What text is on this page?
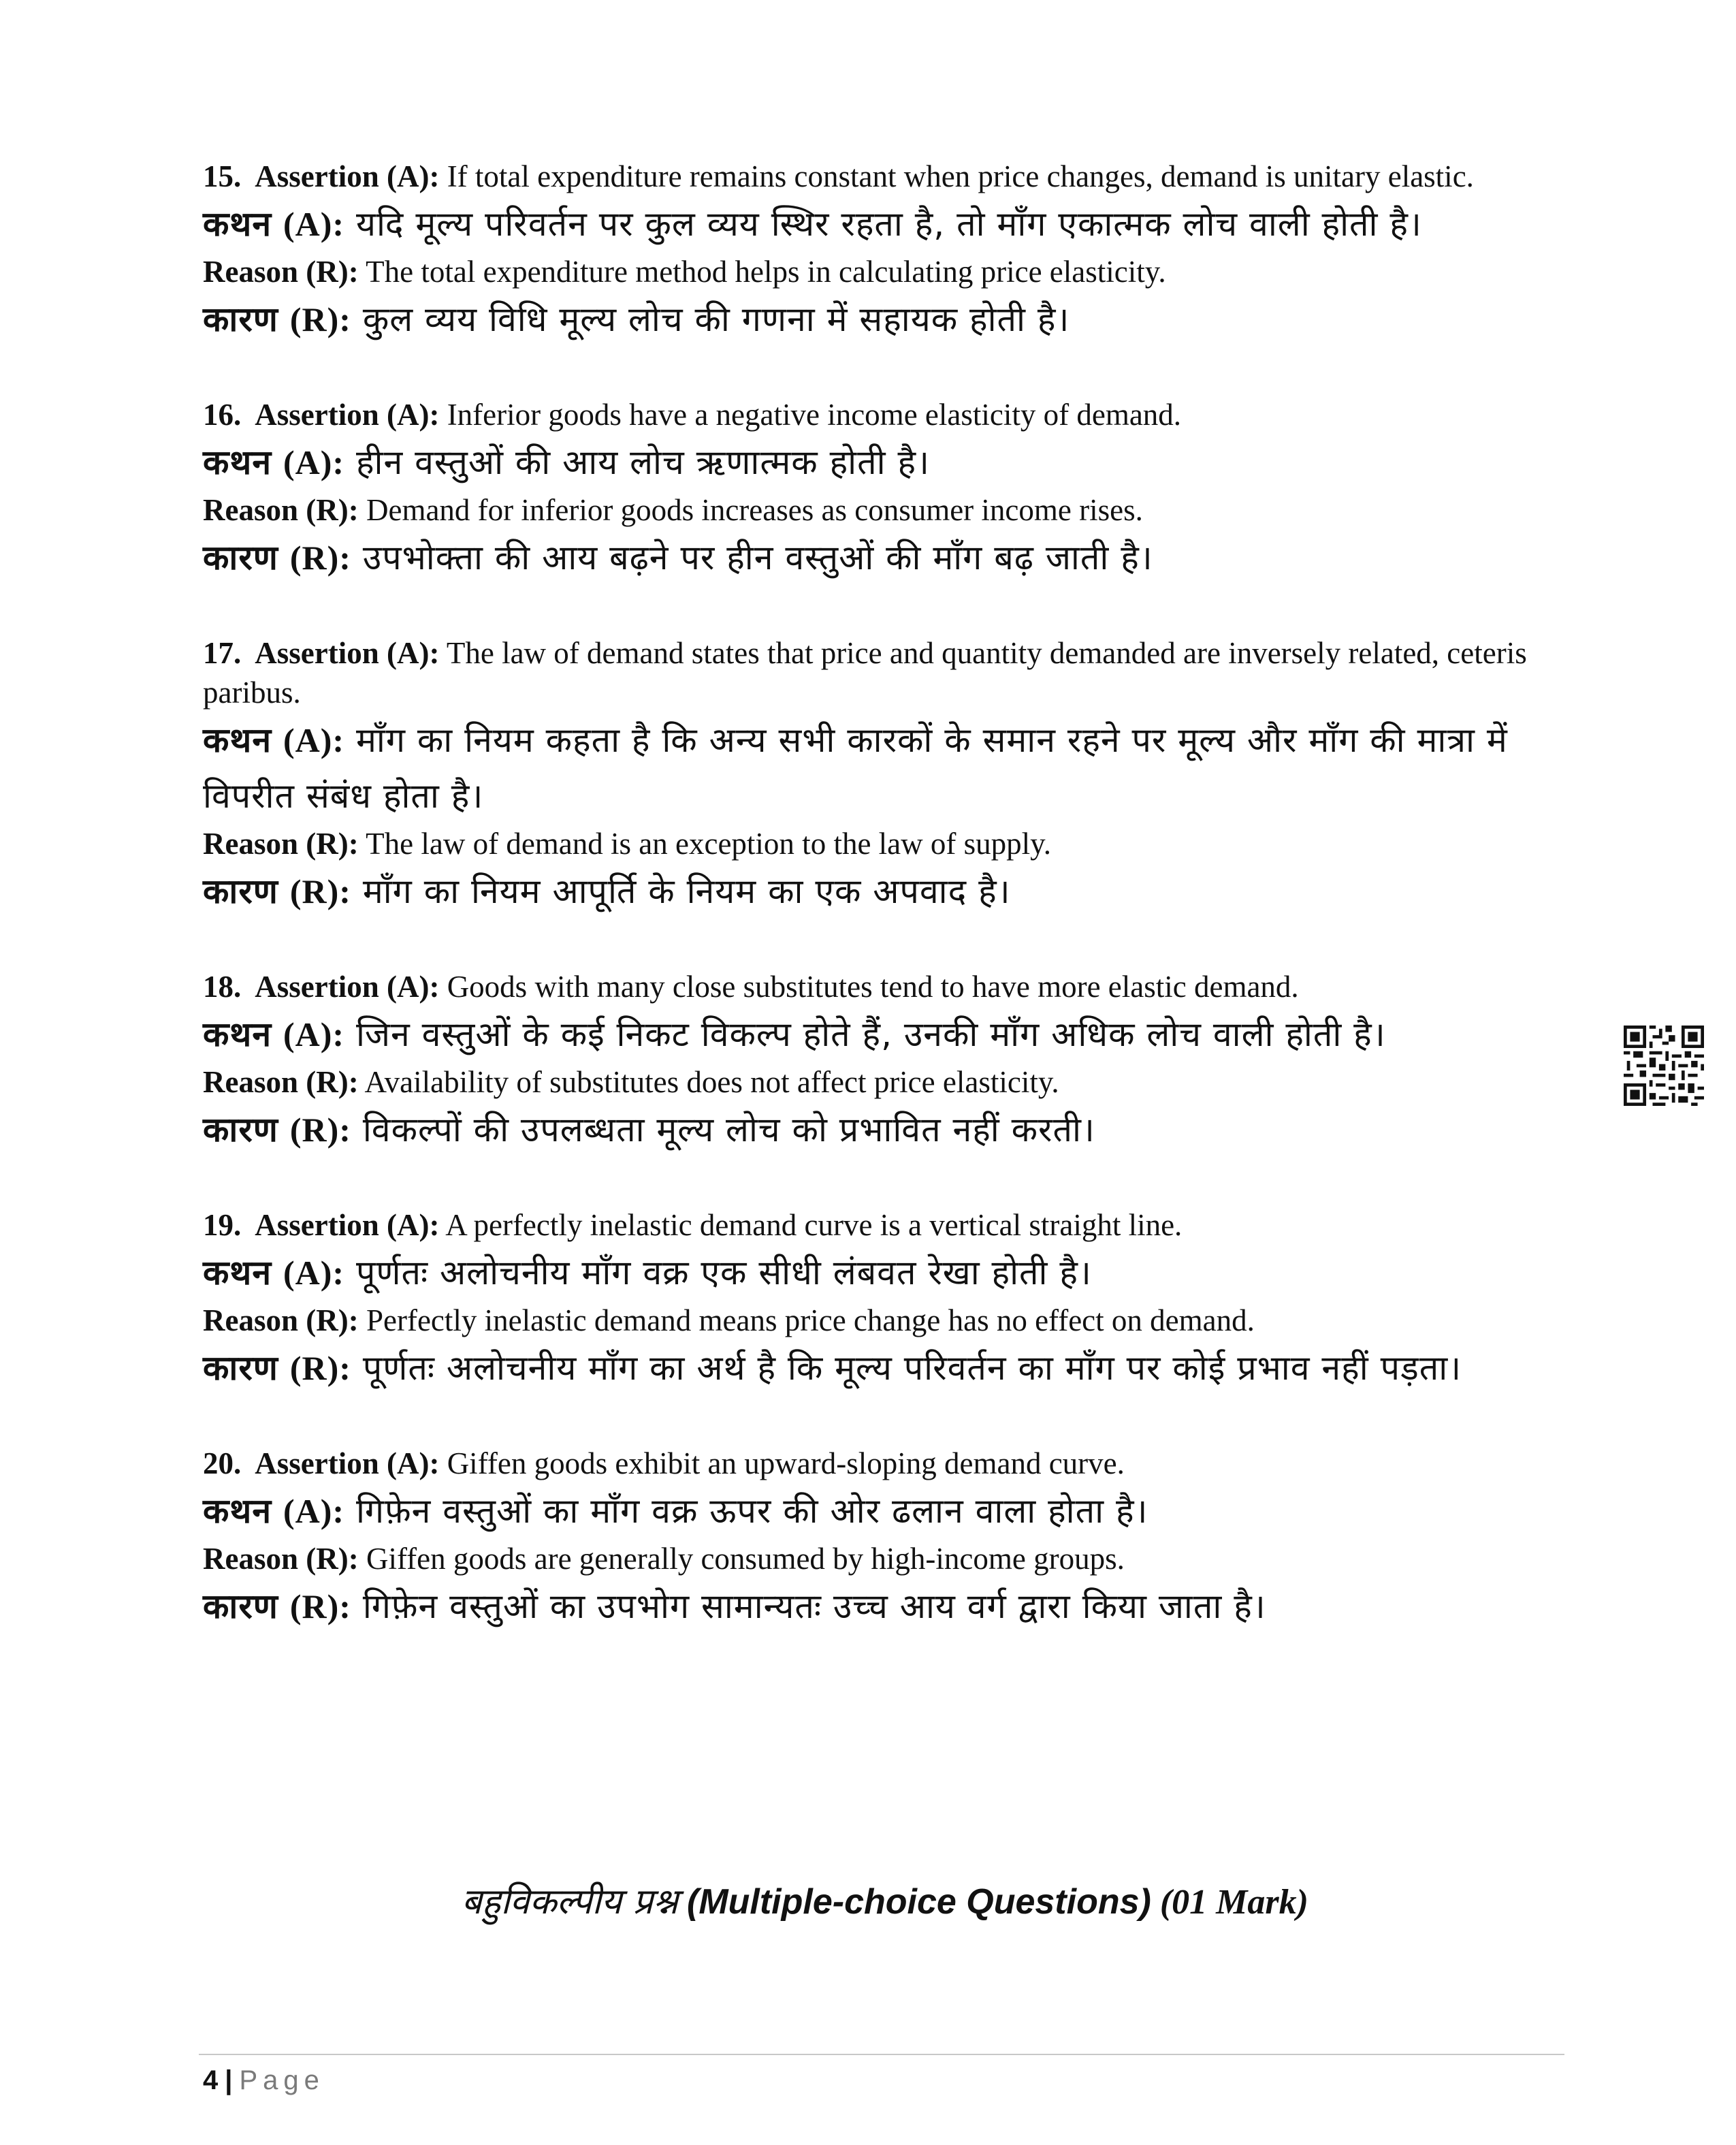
15. Assertion (A): If total expenditure remains constant when price changes, demand is unitary elastic.

कथन (A): यदि मूल्य परिवर्तन पर कुल व्यय स्थिर रहता है, तो माँग एकात्मक लोच वाली होती है।

Reason (R): The total expenditure method helps in calculating price elasticity.

कारण (R): कुल व्यय विधि मूल्य लोच की गणना में सहायक होती है।

16. Assertion (A): Inferior goods have a negative income elasticity of demand.

कथन (A): हीन वस्तुओं की आय लोच ऋणात्मक होती है।

Reason (R): Demand for inferior goods increases as consumer income rises.

कारण (R): उपभोक्ता की आय बढ़ने पर हीन वस्तुओं की माँग बढ़ जाती है।

17. Assertion (A): The law of demand states that price and quantity demanded are inversely related, ceteris paribus.

कथन (A): माँग का नियम कहता है कि अन्य सभी कारकों के समान रहने पर मूल्य और माँग की मात्रा में विपरीत संबंध होता है।

Reason (R): The law of demand is an exception to the law of supply.

कारण (R): माँग का नियम आपूर्ति के नियम का एक अपवाद है।

18. Assertion (A): Goods with many close substitutes tend to have more elastic demand.

कथन (A): जिन वस्तुओं के कई निकट विकल्प होते हैं, उनकी माँग अधिक लोच वाली होती है।

Reason (R): Availability of substitutes does not affect price elasticity.

कारण (R): विकल्पों की उपलब्धता मूल्य लोच को प्रभावित नहीं करती।

19. Assertion (A): A perfectly inelastic demand curve is a vertical straight line.

कथन (A): पूर्णतः अलोचनीय माँग वक्र एक सीधी लंबवत रेखा होती है।

Reason (R): Perfectly inelastic demand means price change has no effect on demand.

कारण (R): पूर्णतः अलोचनीय माँग का अर्थ है कि मूल्य परिवर्तन का माँग पर कोई प्रभाव नहीं पड़ता।

20. Assertion (A): Giffen goods exhibit an upward-sloping demand curve.

कथन (A): गिफ़ेन वस्तुओं का माँग वक्र ऊपर की ओर ढलान वाला होता है।

Reason (R): Giffen goods are generally consumed by high-income groups.

कारण (R): गिफ़ेन वस्तुओं का उपभोग सामान्यतः उच्च आय वर्ग द्वारा किया जाता है।

बहुविकल्पीय प्रश्न (Multiple-choice Questions) (01 Mark)
4 | Page
